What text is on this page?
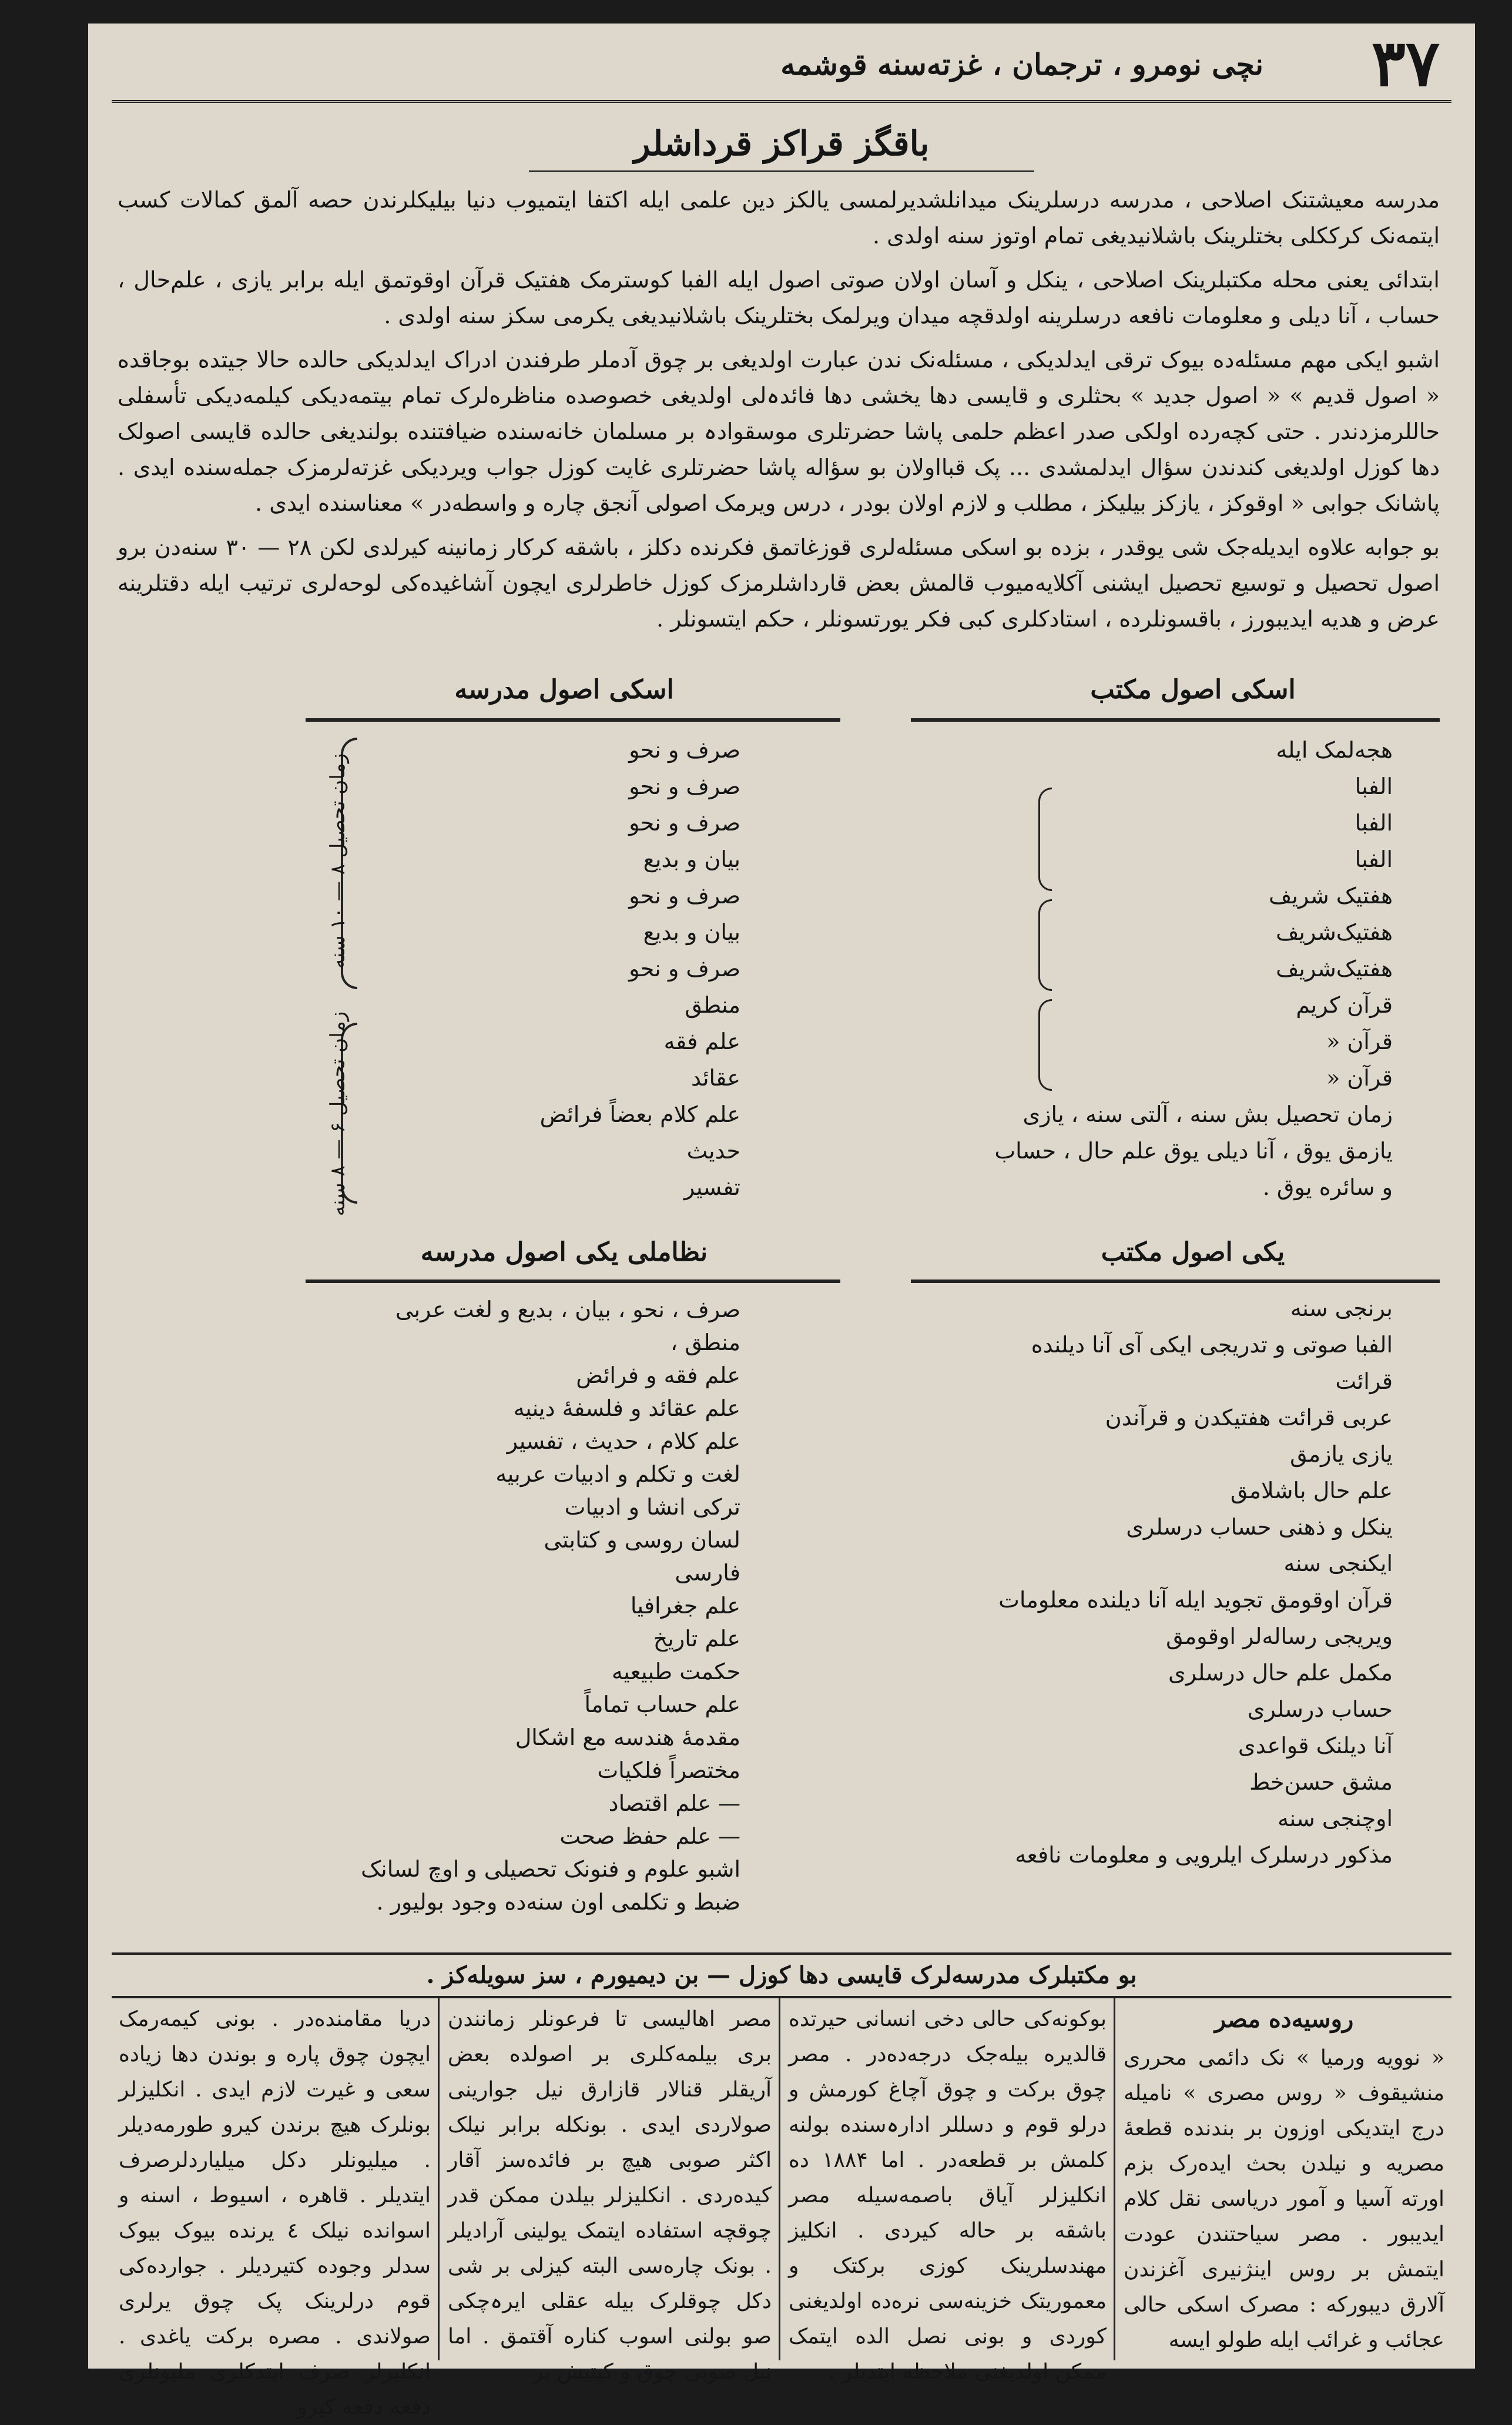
۳۷
نچی نومرو ، ترجمان ، غزته‌سنه قوشمه
باقگز قراکز قرداشلر

مدرسه معیشتنک اصلاحی ، مدرسه درسلرینک میدانلشدیرلمسی یالکز دین علمی ایله اکتفا ایتمیوب دنیا بیلیکلرندن حصه آلمق کمالات کسب ایتمه‌نک کرککلی بختلرینک باشلانیدیغی تمام اوتوز سنه اولدی .

ابتدائی یعنی محله مکتبلرینک اصلاحی ، ینکل و آسان اولان صوتی اصول ایله الفبا کوسترمک هفتیک قرآن اوقوتمق ایله برابر یازی ، علم‌حال ، حساب ، آنا دیلی و معلومات نافعه درسلرینه اولدقچه میدان ویرلمک بختلرینک باشلانیدیغی یکرمی سکز سنه اولدی .

اشبو ایکی مهم مسئله‌ده بیوک ترقی ایدلدیکی ، مسئله‌نک ندن عبارت اولدیغی بر چوق آدملر طرفندن ادراک ایدلدیکی حالده حالا جیتده بوجاقده « اصول قدیم » « اصول جدید » بحثلری و قایسی دها یخشی دها فائدہ‌لی اولدیغی خصوصده مناظره‌لرک تمام بیتمه‌دیکی کیلمه‌دیکی تأسفلی حاللرمزدندر . حتی کچه‌رده اولکی صدر اعظم حلمی پاشا حضرتلری موسقوادہ بر مسلمان خانه‌سنده ضیافتنده بولندیغی حالده قایسی اصولک دها کوزل اولدیغی کندندن سؤال ایدلمشدی ... پک قبااولان بو سؤاله پاشا حضرتلری غایت کوزل جواب ویردیکی غزته‌لرمزک جمله‌سنده ایدی . پاشانک جوابی « اوقوکز ، یازکز بیلیکز ، مطلب و لازم اولان بودر ، درس ویرمک اصولی آنجق چاره و واسطه‌در » معناسنده ایدی .

بو جوابه علاوه ایدیله‌جک شی یوقدر ، بزده بو اسکی مسئله‌لری قوزغاتمق فکرنده دکلز ، باشقه کرکار زمانینه کیرلدی لکن ۲۸ — ۳۰ سنه‌دن برو اصول تحصیل و توسیع تحصیل ایشنی آکلایه‌میوب قالمش بعض قارداشلرمزک کوزل خاطرلری ایچون آشاغیده‌کی لوحه‌لری ترتیب ایله دقتلرینه عرض و هدیه ایدیبورز ، باقسونلرده ، استادکلری کبی فکر یورتسونلر ، حکم ایتسونلر .

اسکی اصول مکتب
هجه‌لمک ایله
الفبا
الفبا
الفبا
هفتیک شریف
هفتیک‌شریف
هفتیک‌شریف
قرآن کریم
قرآن «
قرآن «
زمان تحصیل بش سنه ، آلتی سنه ، یازی
یازمق یوق ، آنا دیلی یوق علم حال ، حساب
و سائره یوق .
اسکی اصول مدرسه
صرف و نحو
صرف و نحو
صرف و نحو
بیان و بدیع
صرف و نحو
بیان و بدیع
صرف و نحو
منطق
علم فقه
عقائد
علم کلام بعضاً فرائض
حدیث
تفسیر
زمان تحصیل ۸ — ۱۰ سنه
زمان تحصیل ۶ — ۸ سنه
یکی اصول مکتب
برنجی سنه
الفبا صوتی و تدریجی ایکی آی آنا دیلنده
قرائت
عربی قرائت هفتیکدن و قرآندن
یازی یازمق
علم حال باشلامق
ینکل و ذهنی حساب درسلری
ایکنجی سنه
قرآن اوقومق تجوید ایله آنا دیلنده معلومات
ویریجی رساله‌لر اوقومق
مکمل علم حال درسلری
حساب درسلری
آنا دیلنک قواعدی
مشق حسن‌خط
اوچنجی سنه
مذکور درسلرک ایلرویی و معلومات نافعه
نظاملی یکی اصول مدرسه
صرف ، نحو ، بیان ، بدیع و لغت عربی
منطق ،
علم فقه و فرائض
علم عقائد و فلسفهٔ دینیه
علم کلام ، حدیث ، تفسیر
لغت و تکلم و ادبیات عربیه
ترکی انشا و ادبیات
لسان روسی و کتابتی
فارسی
علم جغرافیا
علم تاریخ
حکمت طبیعیه
علم حساب تماماً
مقدمهٔ هندسه مع اشکال
مختصراً فلکیات
— علم اقتصاد
— علم حفظ صحت
اشبو علوم و فنونک تحصیلی و اوچ لسانک
ضبط و تکلمی اون سنه‌ده وجود بولیور .
بو مکتبلرک مدرسه‌لرک قایسی دها کوزل — بن دیمیورم ، سز سویله‌کز .
روسیه‌ده مصر
« نوویه ورمیا » نک دائمی محرری منشیقوف « روس مصری » نامیله درج ایتدیکی اوزون بر بندنده قطعهٔ مصریه و نیلدن بحث ایده‌رک بزم اورته آسیا و آمور دریاسی نقل کلام ایدیبور . مصر سیاحتندن عودت ایتمش بر روس اینژنیری آغزندن آلارق دیبورکه : مصرک اسکی حالی عجائب و غرائب ایله طولو ایسه
بوکونه‌کی حالی دخی انسانی حیرتده قالدیره بیله‌جک درجه‌ده‌در . مصر چوق برکت و چوق آچاغ کورمش و درلو قوم و دسللر ادارہ‌سنده بولنه کلمش بر قطعه‌در . اما ۱۸۸۴ ده انکلیزلر آیاق باصمه‌سیله مصر باشقه بر حاله کیردی . انکلیز مهندسلرینک کوزی برکتک و معموریتک خزینه‌سی نره‌ده اولدیغنی کوردی و بونی نصل الده ایتمک ممکن اولدیغنی ملاحظه ایتدیلر .
مصر اهالیسی تا فرعونلر زمانندن بری بیلمه‌کلری بر اصولده بعض آریقلر قنالار قازارق نیل جوارینی صولاردی ایدی . بونکله برابر نیلک اکثر صوبی هیچ بر فائده‌سز آقار کیده‌ردی . انکلیزلر بیلدن ممکن قدر چوقچه استفاده ایتمک یولینی آرادیلر . بونک چاره‌سی البته کیزلی بر شی دکل چوقلرک بیله عقلی ایرہ‌چکی صو بولنی اسوب کناره آقتمق . اما نیل صوبی چوق و کیتیش بر
دریا مقامنده‌در . بونی کیمه‌رمک ایچون چوق پاره و بوندن دها زیاده سعی و غیرت لازم ایدی . انکلیزلر بونلرک هیچ برندن کیرو طورمه‌دیلر . میلیونلر دکل میلیاردلرصرف ایتدیلر . قاهره ، اسیوط ، اسنه و اسوانده نیلک ٤ یرنده بیوک بیوک سدلر وجوده کتیردیلر . جوارده‌کی قوم درلرینک پک چوق یرلری صولاندی . مصره برکت یاغدی . انکلیزلر صرف ایتدکلری ملیونلری دفعه دفعه کیرو
